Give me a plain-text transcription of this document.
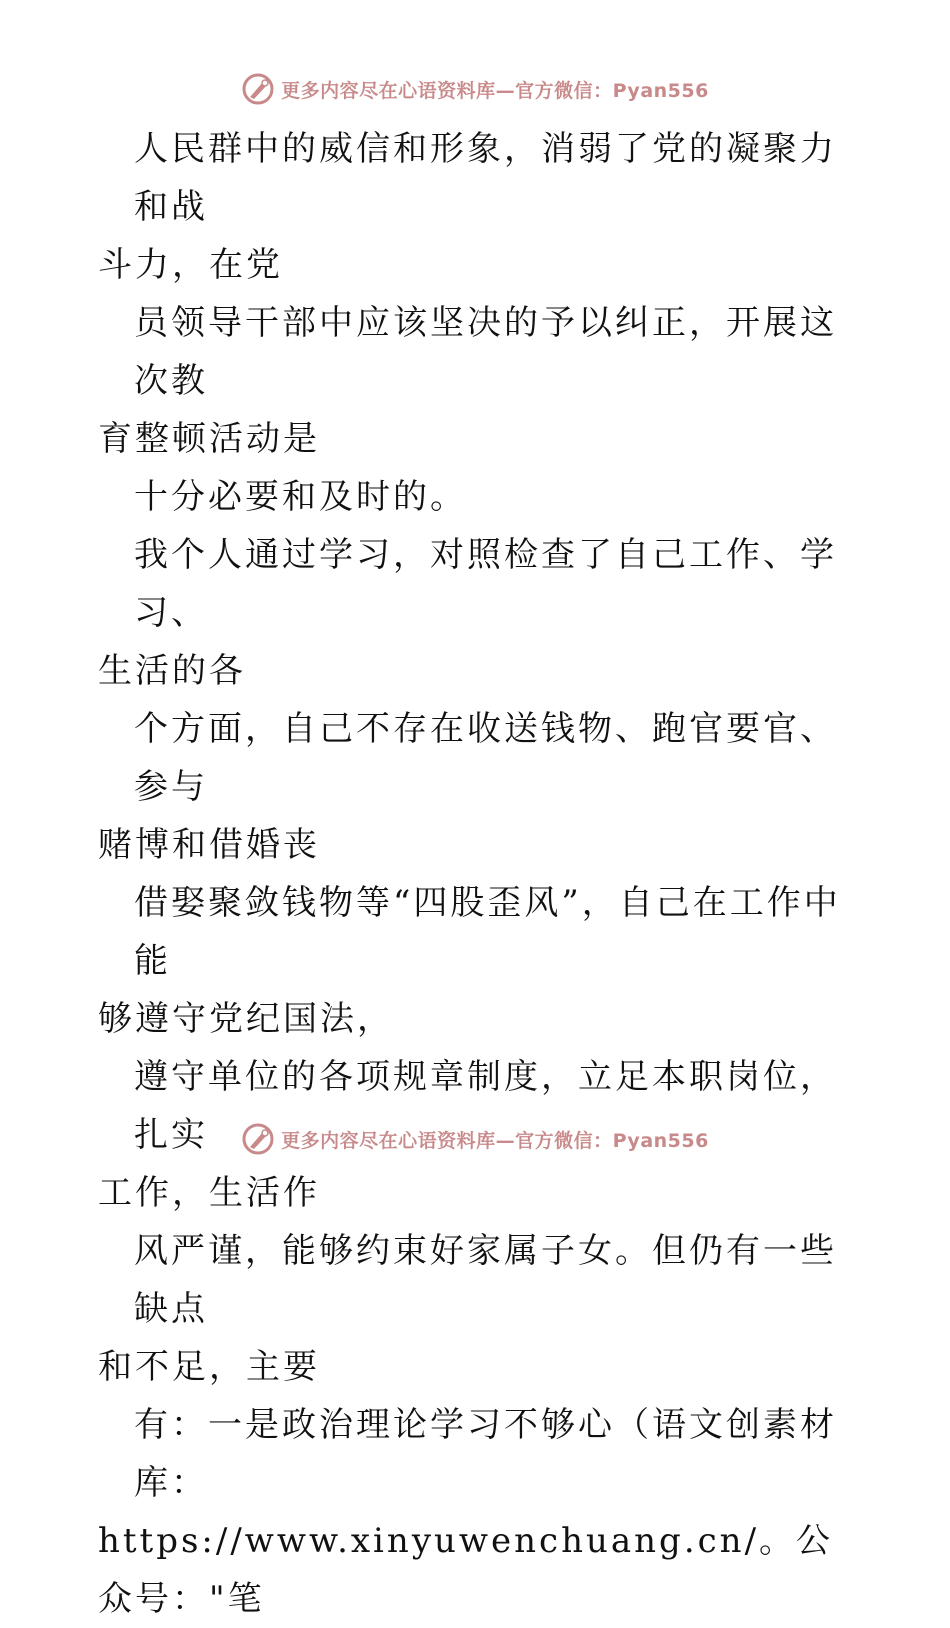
更多内容尽在心语资料库—官方微信：Pyan556

人民群中的威信和形象，消弱了党的凝聚力和战
斗力，在党

员领导干部中应该坚决的予以纠正，开展这次教
育整顿活动是

十分必要和及时的。

我个人通过学习，对照检查了自己工作、学习、
生活的各

个方面，自己不存在收送钱物、跑官要官、参与
赌博和借婚丧

借娶聚敛钱物等“四股歪风”，自己在工作中能
够遵守党纪国法，

遵守单位的各项规章制度，立足本职岗位，扎实
工作，生活作

风严谨，能够约束好家属子女。但仍有一些缺点
和不足，主要

有：一是政治理论学习不够心（语文创素材库：
https://www.xinyuwenchuang.cn/。公众号："笔

更多内容尽在心语资料库—官方微信：Pyan556
